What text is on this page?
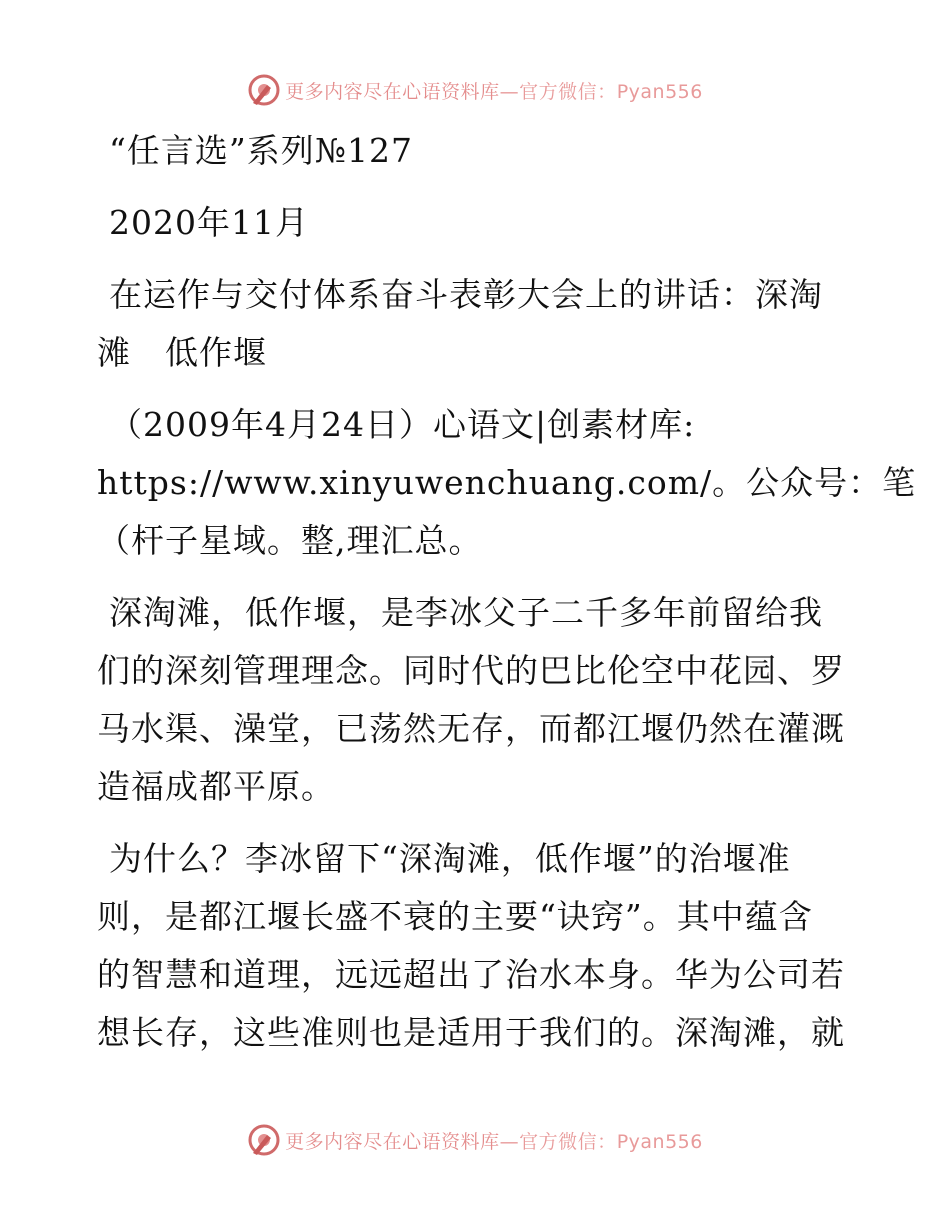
更多内容尽在心语资料库—官方微信：Pyan556
“任言选”系列№127
2020年11月
在运作与交付体系奋斗表彰大会上的讲话：深淘
滩　低作堰
（2009年4月24日）心语文|创素材库:
https://www.xinyuwenchuang.com/。公众号：笔
（杆子星域。整,理汇总。
深淘滩，低作堰，是李冰父子二千多年前留给我
们的深刻管理理念。同时代的巴比伦空中花园、罗
马水渠、澡堂，已荡然无存，而都江堰仍然在灌溉
造福成都平原。
为什么？李冰留下“深淘滩，低作堰”的治堰准
则，是都江堰长盛不衰的主要“诀窍”。其中蕴含
的智慧和道理，远远超出了治水本身。华为公司若
想长存，这些准则也是适用于我们的。深淘滩，就
更多内容尽在心语资料库—官方微信：Pyan556
